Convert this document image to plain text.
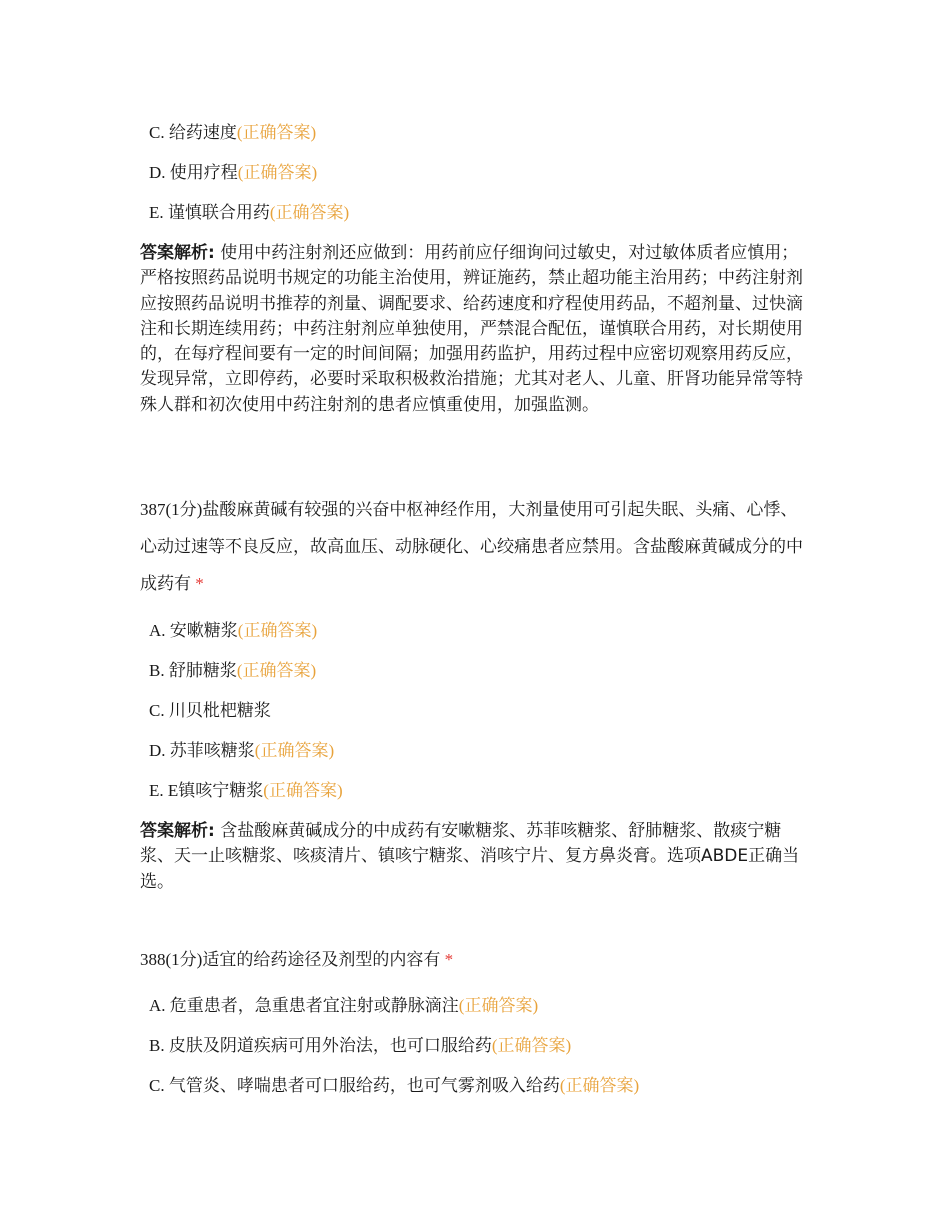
C. 给药速度(正确答案)
D. 使用疗程(正确答案)
E. 谨慎联合用药(正确答案)
答案解析: 使用中药注射剂还应做到：用药前应仔细询问过敏史，对过敏体质者应慎用；严格按照药品说明书规定的功能主治使用，辨证施药，禁止超功能主治用药；中药注射剂应按照药品说明书推荐的剂量、调配要求、给药速度和疗程使用药品，不超剂量、过快滴注和长期连续用药；中药注射剂应单独使用，严禁混合配伍，谨慎联合用药，对长期使用的，在每疗程间要有一定的时间间隔；加强用药监护，用药过程中应密切观察用药反应，发现异常，立即停药，必要时采取积极救治措施；尤其对老人、儿童、肝肾功能异常等特殊人群和初次使用中药注射剂的患者应慎重使用，加强监测。
387(1分)盐酸麻黄碱有较强的兴奋中枢神经作用，大剂量使用可引起失眠、头痛、心悸、心动过速等不良反应，故高血压、动脉硬化、心绞痛患者应禁用。含盐酸麻黄碱成分的中成药有 *
A. 安嗽糖浆(正确答案)
B. 舒肺糖浆(正确答案)
C. 川贝枇杷糖浆
D. 苏菲咳糖浆(正确答案)
E. E镇咳宁糖浆(正确答案)
答案解析: 含盐酸麻黄碱成分的中成药有安嗽糖浆、苏菲咳糖浆、舒肺糖浆、散痰宁糖浆、天一止咳糖浆、咳痰清片、镇咳宁糖浆、消咳宁片、复方鼻炎膏。选项ABDE正确当选。
388(1分)适宜的给药途径及剂型的内容有 *
A. 危重患者，急重患者宜注射或静脉滴注(正确答案)
B. 皮肤及阴道疾病可用外治法，也可口服给药(正确答案)
C. 气管炎、哮喘患者可口服给药，也可气雾剂吸入给药(正确答案)
